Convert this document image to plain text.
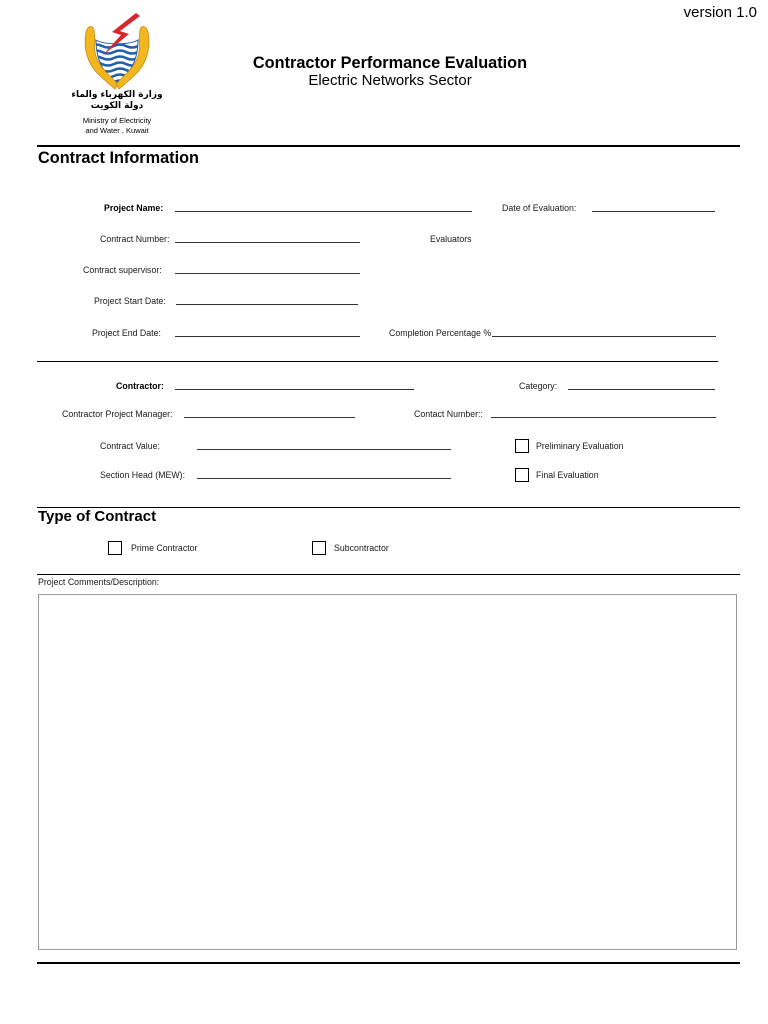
version 1.0
وزارة الكهرباء والماء
دولة الكويت
Ministry of Electricity
and Water , Kuwait
Contractor Performance Evaluation
Electric Networks Sector
Contract Information
Project Name:	Date of Evaluation:
Contract Number:	Evaluators
Contract supervisor:
Project Start Date:
Project End Date:	Completion Percentage %
Contractor:	Category:
Contractor Project Manager:	Contact Number::
Contract Value:	Preliminary Evaluation
Section Head (MEW):	Final Evaluation
Type of Contract
Prime Contractor	Subcontractor
Project Comments/Description:
